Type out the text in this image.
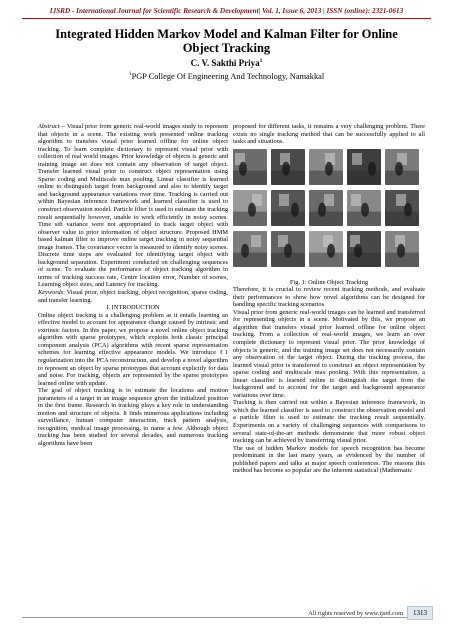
IJSRD - International Journal for Scientific Research & Development| Vol. 1, Issue 6, 2013 | ISSN (online): 2321-0613
Integrated Hidden Markov Model and Kalman Filter for Online Object Tracking
C. V. Sakthi Priya$^1$
$^1$PGP College Of Engineering And Technology, Namakkal

Abstract— Visual prior from generic real-world images study to represent that objects in a scene. The existing work presented online tracking algorithm to transfers visual prior learned offline for online object tracking. To learn complete dictionary to represent visual prior with collection of real world images. Prior knowledge of objects is generic and training image set does not contain any observation of target object. Transfer learned visual prior to construct object representation using Sparse coding and Multiscale max pooling. Linear classifier is learned online to distinguish target from background and also to identify target and background appearance variations over time. Tracking is carried out within Bayesian inference framework and learned classifier is used to construct observation model. Particle filter is used to estimate the tracking result sequentially however, unable to work efficiently in noisy scenes. Time sift variance were not appropriated to track target object with observer value to prior information of object structure. Proposed HMM based kalman filter to improve online target tracking in noisy sequential image frames. The covariance vector is measured to identify noisy scenes. Discrete time steps are evaluated for identifying target object with background separation. Experiment conducted on challenging sequences of scene. To evaluate the performance of object tracking algorithm in terms of tracking success rate, Centre location error, Number of scenes, Learning object sizes, and Latency for tracking.

Keywords: Visual prior, object tracking, object recognition, sparse coding, and transfer learning.

I. INTRODUCTION

Online object tracking is a challenging problem as it entails learning an effective model to account for appearance change caused by intrinsic and extrinsic factors. In this paper, we propose a novel online object tracking algorithm with sparse prototypes, which exploits both classic principal component analysis (PCA) algorithms with recent sparse representation schemes for learning effective appearance models. We introduce ℓ1 regularization into the PCA reconstruction, and develop a novel algorithm to represent an object by sparse prototypes that account explicitly for data and noise. For tracking, objects are represented by the sparse prototypes learned online with update.

The goal of object tracking is to estimate the locations and motion parameters of a target in an image sequence given the initialized position in the first frame. Research in tracking plays a key role in understanding motion and structure of objects. It finds numerous applications including surveillance, human computer interaction, track pattern analysis, recognition, medical image processing, to name a few. Although object tracking has been studied for several decades, and numerous tracking algorithms have been

proposed for different tasks, it remains a very challenging problem. There exists no single tracking method that can be successfully applied to all tasks and situations.

Fig. 1: Online Object Tracking

Therefore, it is crucial to review recent tracking methods, and evaluate their performances to show how novel algorithms can be designed for handling specific tracking scenarios

Visual prior from generic real-world images can be learned and transferred for representing objects in a scene. Motivated by this, we propose an algorithm that transfers visual prior learned offline for online object tracking. From a collection of real-world images, we learn an over complete dictionary to represent visual prior. The prior knowledge of objects is generic, and the training image set does not necessarily contain any observation of the target object. During the tracking process, the learned visual prior is transferred to construct an object representation by sparse coding and multiscale max pooling. With this representation, a linear classifier is learned online to distinguish the target from the background and to account for the target and background appearance variations over time.

Tracking is then carried out within a Bayesian inference framework, in which the learned classifier is used to construct the observation model and a particle filter is used to estimate the tracking result sequentially. Experiments on a variety of challenging sequences with comparisons to several state-of-the-art methods demonstrate that more robust object tracking can be achieved by transferring visual prior.

The use of hidden Markov models for speech recognition has become predominant in the last many years, as evidenced by the number of published papers and talks at major speech conferences. The reasons this method has become so popular are the inherent statistical (Mathematic

All rights reserved by www.ijsrd.com	1313
